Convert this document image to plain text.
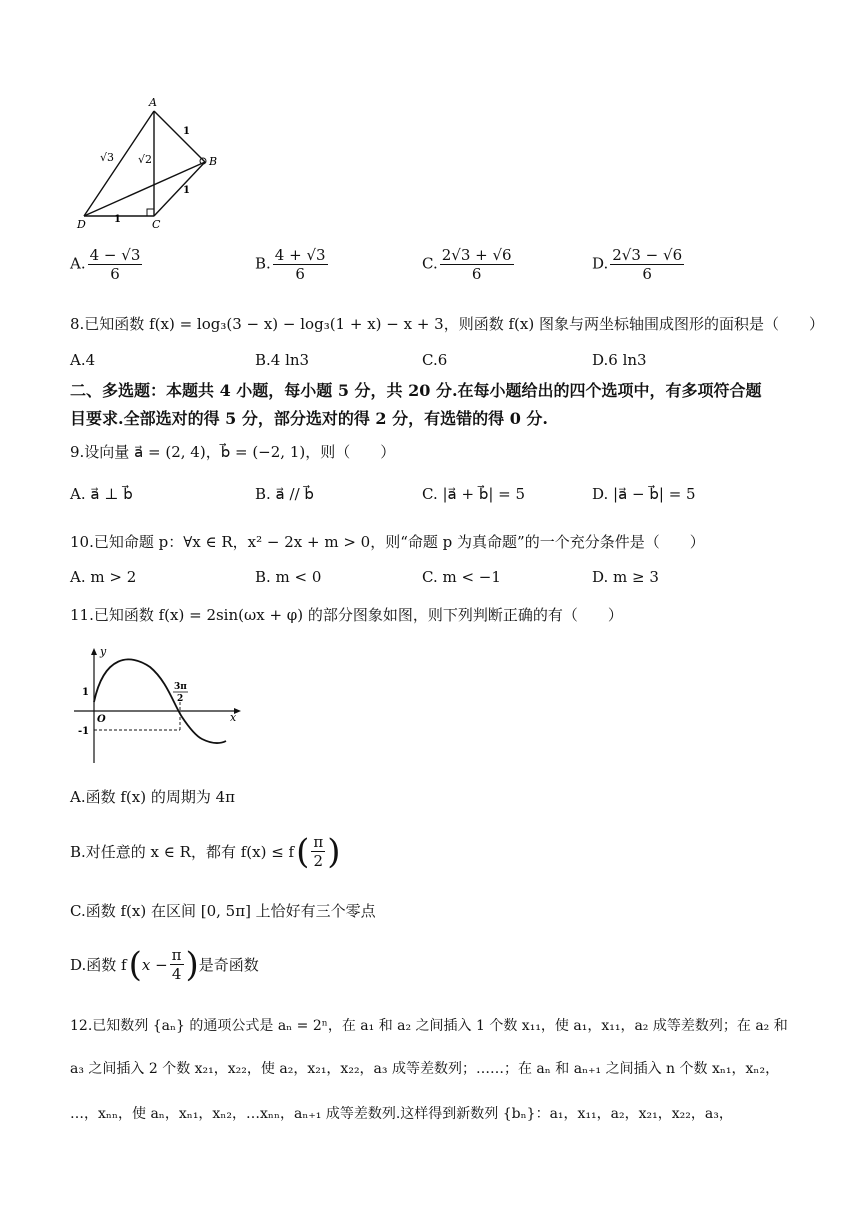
A
B
C
D
1
1
1
√3 √2
A. $\frac{4 - √3}{6}$	B. $\frac{4 + √3}{6}$	C. $\frac{2√3 + √6}{6}$	D. $\frac{2√3 - √6}{6}$
8.已知函数 f(x) = log₃(3 − x) − log₃(1 + x) − x + 3，则函数 f(x) 图象与两坐标轴围成图形的面积是（　　）
A.4	B.4 ln3	C.6	D.6 ln3
二、多选题：本题共 4 小题，每小题 5 分，共 20 分.在每小题给出的四个选项中，有多项符合题
目要求.全部选对的得 5 分，部分选对的得 2 分，有选错的得 0 分.
9.设向量 a⃗ = (2, 4)，b⃗ = (−2, 1)，则（　　）
A. a⃗ ⊥ b⃗	B. a⃗ // b⃗	C. |a⃗ + b⃗| = 5	D. |a⃗ − b⃗| = 5
10.已知命题 p：∀x ∈ R，x² − 2x + m > 0，则“命题 p 为真命题”的一个充分条件是（　　）
A. m > 2	B. m < 0	C. m < −1	D. m ≥ 3
11.已知函数 f(x) = 2sin(ωx + φ) 的部分图象如图，则下列判断正确的有（　　）
y
x
O
1
-1
3π
2
A.函数 f(x) 的周期为 4π
B.对任意的 x ∈ R，都有 f(x) ≤ f ( $\frac{\pi}{2}$ )
C.函数 f(x) 在区间 [0, 5π] 上恰好有三个零点
D.函数 f ( $x - \frac{\pi}{4}$ ) 是奇函数
12.已知数列 {aₙ} 的通项公式是 aₙ = 2ⁿ，在 a₁ 和 a₂ 之间插入 1 个数 x₁₁，使 a₁，x₁₁，a₂ 成等差数列；在 a₂ 和
a₃ 之间插入 2 个数 x₂₁，x₂₂，使 a₂，x₂₁，x₂₂，a₃ 成等差数列；……；在 aₙ 和 aₙ₊₁ 之间插入 n 个数 xₙ₁，xₙ₂，
…，xₙₙ，使 aₙ，xₙ₁，xₙ₂，…xₙₙ，aₙ₊₁ 成等差数列.这样得到新数列 {bₙ}：a₁，x₁₁，a₂，x₂₁，x₂₂，a₃，
